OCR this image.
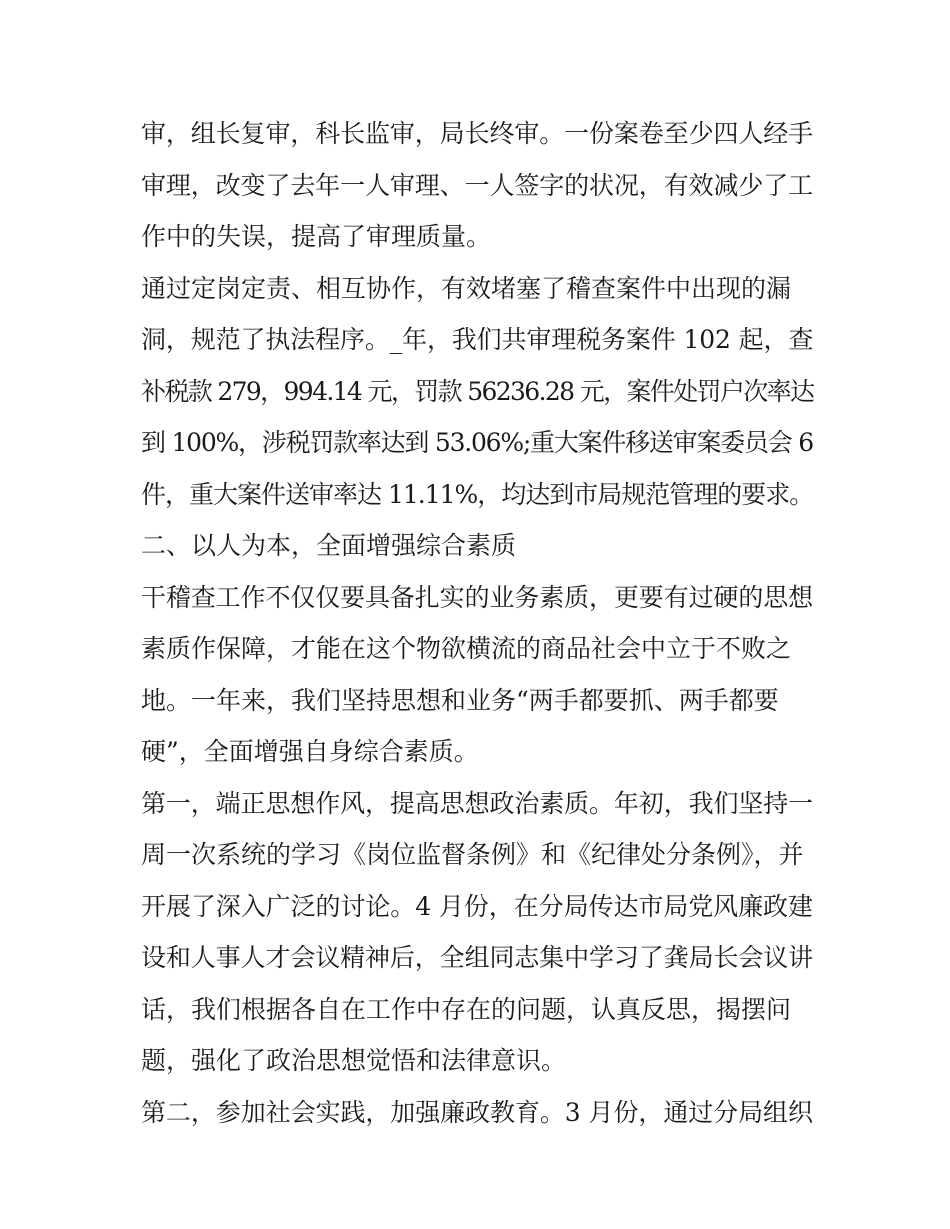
审，组长复审，科长监审，局长终审。一份案卷至少四人经手
审理，改变了去年一人审理、一人签字的状况，有效减少了工
作中的失误，提高了审理质量。
通过定岗定责、相互协作，有效堵塞了稽查案件中出现的漏
洞，规范了执法程序。_年，我们共审理税务案件 102 起，查
补税款 279，994.14 元，罚款 56236.28 元，案件处罚户次率达
到 100%，涉税罚款率达到 53.06%;重大案件移送审案委员会 6
件，重大案件送审率达 11.11%，均达到市局规范管理的要求。
二、以人为本，全面增强综合素质
干稽查工作不仅仅要具备扎实的业务素质，更要有过硬的思想
素质作保障，才能在这个物欲横流的商品社会中立于不败之
地。一年来，我们坚持思想和业务“两手都要抓、两手都要
硬”，全面增强自身综合素质。
第一，端正思想作风，提高思想政治素质。年初，我们坚持一
周一次系统的学习《岗位监督条例》和《纪律处分条例》，并
开展了深入广泛的讨论。4 月份，在分局传达市局党风廉政建
设和人事人才会议精神后，全组同志集中学习了龚局长会议讲
话，我们根据各自在工作中存在的问题，认真反思，揭摆问
题，强化了政治思想觉悟和法律意识。
第二，参加社会实践，加强廉政教育。3 月份，通过分局组织
